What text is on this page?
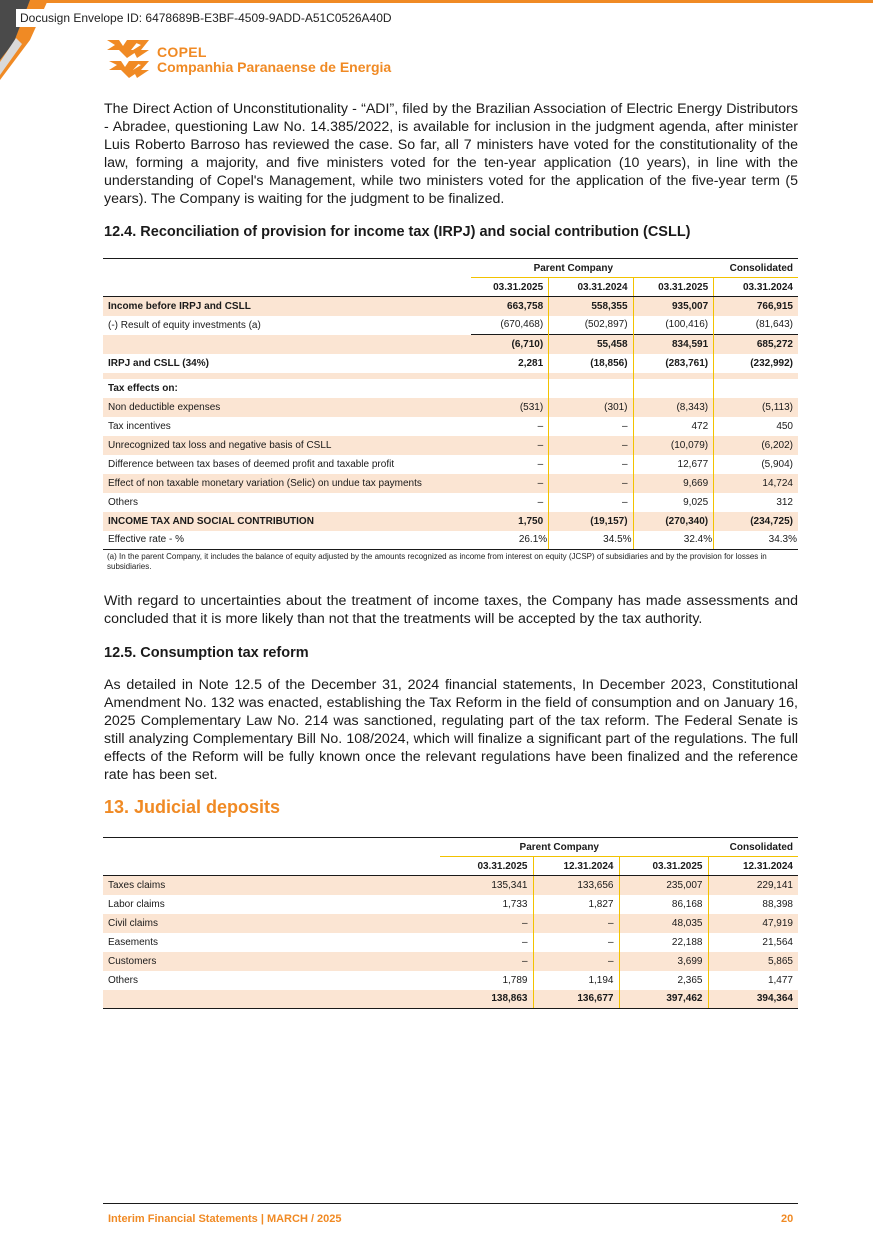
Docusign Envelope ID: 6478689B-E3BF-4509-9ADD-A51C0526A40D
COPEL
Companhia Paranaense de Energia

The Direct Action of Unconstitutionality - “ADI”, filed by the Brazilian Association of Electric Energy Distributors - Abradee, questioning Law No. 14.385/2022, is available for inclusion in the judgment agenda, after minister Luis Roberto Barroso has reviewed the case. So far, all 7 ministers have voted for the constitutionality of the law, forming a majority, and five ministers voted for the ten-year application (10 years), in line with the understanding of Copel's Management, while two ministers voted for the application of the five-year term (5 years). The Company is waiting for the judgment to be finalized.

12.4. Reconciliation of provision for income tax (IRPJ) and social contribution (CSLL)
	Parent Company		Consolidated	
	03.31.2025	03.31.2024	03.31.2025	03.31.2024
Income before IRPJ and CSLL	663,758	558,355	935,007	766,915
(-) Result of equity investments (a)	(670,468)	(502,897)	(100,416)	(81,643)
	(6,710)	55,458	834,591	685,272
IRPJ and CSLL (34%)	2,281	(18,856)	(283,761)	(232,992)

Tax effects on:				
Non deductible expenses	(531)	(301)	(8,343)	(5,113)
Tax incentives	–	–	472	450
Unrecognized tax loss and negative basis of CSLL	–	–	(10,079)	(6,202)
Difference between tax bases of deemed profit and taxable profit	–	–	12,677	(5,904)
Effect of non taxable monetary variation (Selic) on undue tax payments	–	–	9,669	14,724
Others	–	–	9,025	312
INCOME TAX AND SOCIAL CONTRIBUTION	1,750	(19,157)	(270,340)	(234,725)
Effective rate - %	26.1%	34.5%	32.4%	34.3%

(a) In the parent Company, it includes the balance of equity adjusted by the amounts recognized as income from interest on equity (JCSP) of subsidiaries and by the provision for losses in subsidiaries.

With regard to uncertainties about the treatment of income taxes, the Company has made assessments and concluded that it is more likely than not that the treatments will be accepted by the tax authority.

12.5. Consumption tax reform

As detailed in Note 12.5 of the December 31, 2024 financial statements, In December 2023, Constitutional Amendment No. 132 was enacted, establishing the Tax Reform in the field of consumption and on January 16, 2025 Complementary Law No. 214 was sanctioned, regulating part of the tax reform. The Federal Senate is still analyzing Complementary Bill No. 108/2024, which will finalize a significant part of the regulations. The full effects of the Reform will be fully known once the relevant regulations have been finalized and the reference rate has been set.

13. Judicial deposits
	Parent Company		Consolidated	
	03.31.2025	12.31.2024	03.31.2025	12.31.2024
Taxes claims	135,341	133,656	235,007	229,141
Labor claims	1,733	1,827	86,168	88,398
Civil claims	–	–	48,035	47,919
Easements	–	–	22,188	21,564
Customers	–	–	3,699	5,865
Others	1,789	1,194	2,365	1,477
	138,863	136,677	397,462	394,364
Interim Financial Statements | MARCH / 2025	20
